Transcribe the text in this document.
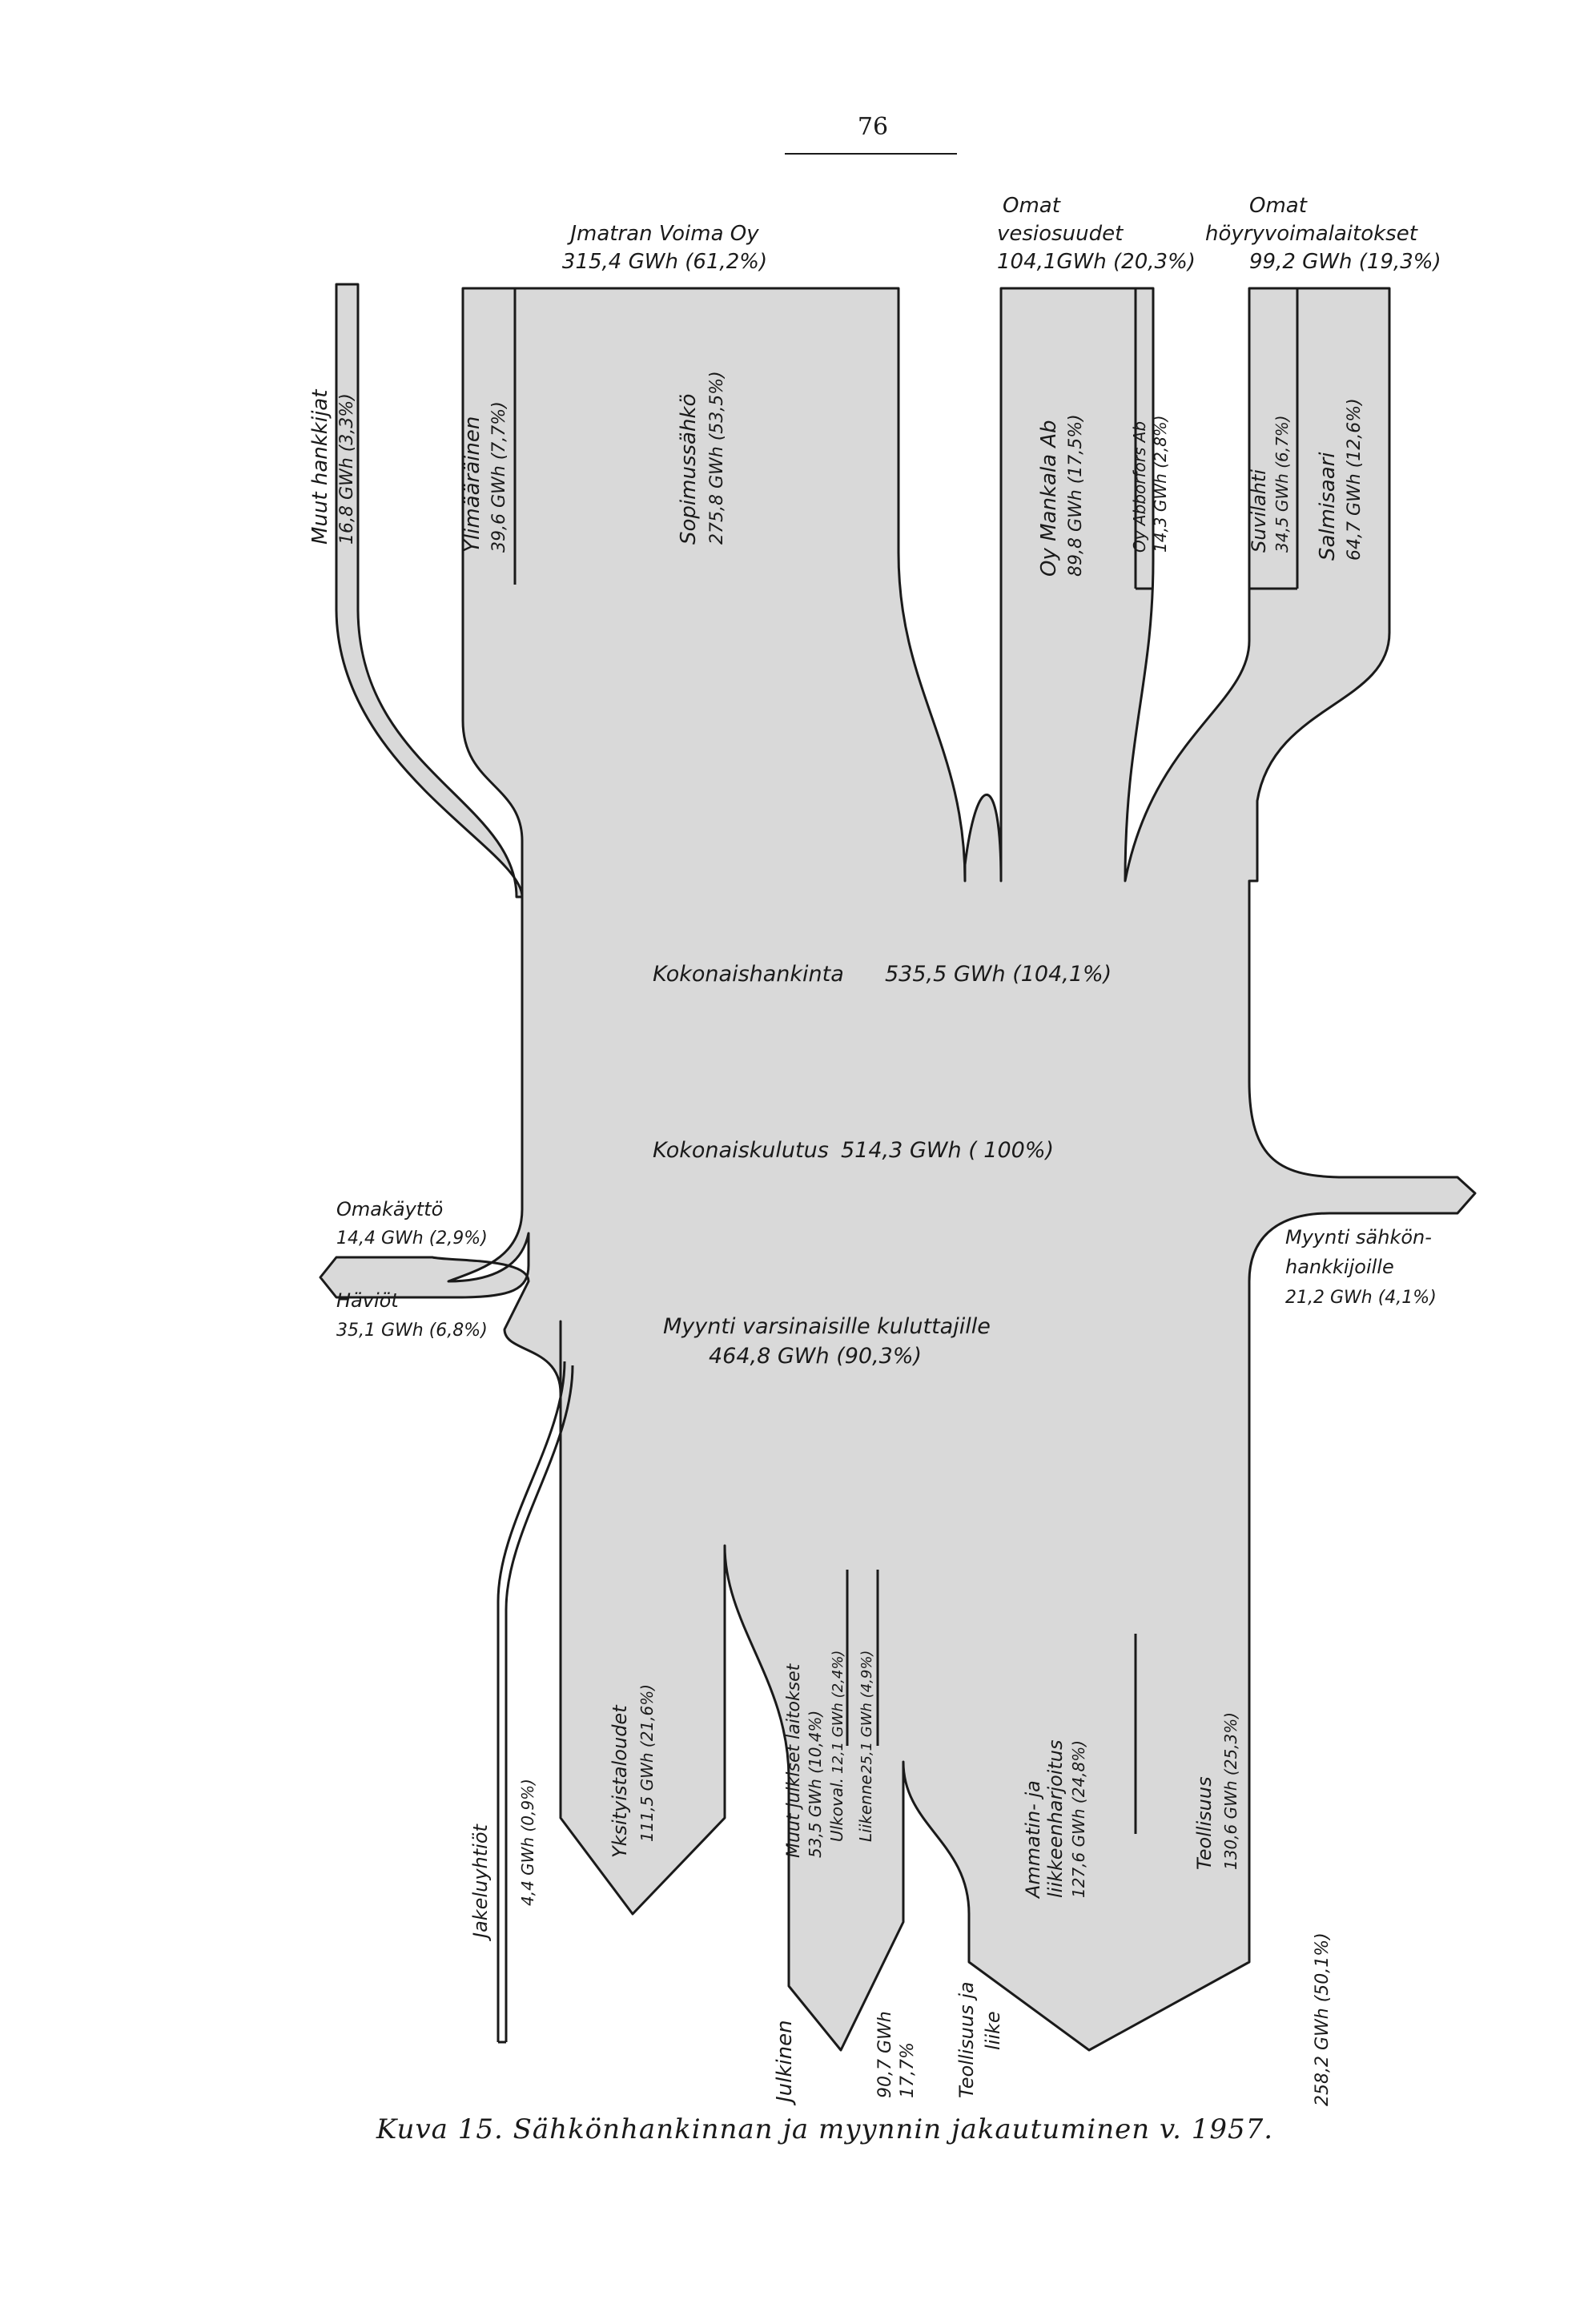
76
Jmatran Voima Oy
315,4 GWh (61,2%)
Omat
vesiosuudet
104,1GWh (20,3%)
Omat
höyryvoimalaitokset
99,2 GWh (19,3%)
Muut hankkijat 16,8 GWh (3,3%)	Ylimääräinen 39,6 GWh (7,7%)	Sopimussähkö 275,8 GWh (53,5%)	Oy Mankala Ab 89,8 GWh (17,5%)	Oy Abborfors Ab 14,3 GWh (2,8%)	Suvilahti 34,5 GWh (6,7%) Salmisaari 64,7 GWh (12,6%)
Kokonaishankinta 535,5 GWh (104,1%)
Kokonaiskulutus 514,3 GWh ( 100%)
Myynti varsinaisille kuluttajille
464,8 GWh (90,3%)
Omakäyttö
14,4 GWh (2,9%)
Häviöt
35,1 GWh (6,8%)
Myynti sähkön-
hankkijoille
21,2 GWh (4,1%)
Jakeluyhtiöt 4,4 GWh (0,9%)	Yksityistaloudet 111,5 GWh (21,6%)	Muut julkiset laitokset 53,5 GWh (10,4%) Ulkoval.
12,1 GWh (2,4%)
Liikenne
25,1 GWh (4,9%)
Ammatin- ja liikkeenharjoitus 127,6 GWh (24,8%)	Teollisuus 130,6 GWh (25,3%)
Julkinen	90,7 GWh 17,7% Teollisuus ja liike	258,2 GWh (50,1%)
Kuva 15. Sähkönhankinnan ja myynnin jakautuminen v. 1957.
